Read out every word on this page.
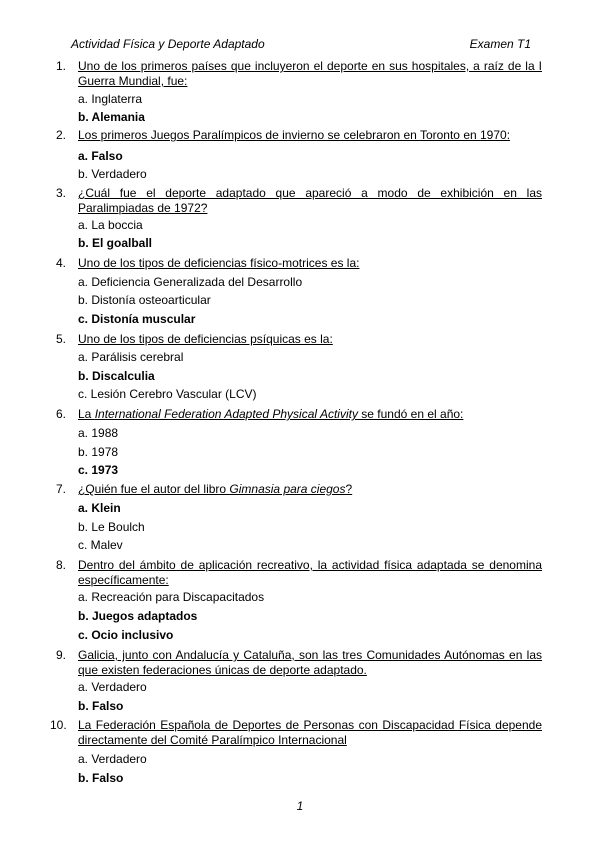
Actividad Física y Deporte Adaptado	Examen T1
1. Uno de los primeros países que incluyeron el deporte en sus hospitales, a raíz de la I Guerra Mundial, fue:
a. Inglaterra
b. Alemania
2. Los primeros Juegos Paralímpicos de invierno se celebraron en Toronto en 1970:
a. Falso
b. Verdadero
3. ¿Cuál fue el deporte adaptado que apareció a modo de exhibición en las Paralimpiadas de 1972?
a. La boccia
b. El goalball
4. Uno de los tipos de deficiencias físico-motrices es la:
a. Deficiencia Generalizada del Desarrollo
b. Distonía osteoarticular
c. Distonía muscular
5. Uno de los tipos de deficiencias psíquicas es la:
a. Parálisis cerebral
b. Discalculia
c. Lesión Cerebro Vascular (LCV)
6. La International Federation Adapted Physical Activity se fundó en el año:
a. 1988
b. 1978
c. 1973
7. ¿Quién fue el autor del libro Gimnasia para ciegos?
a. Klein
b. Le Boulch
c. Malev
8. Dentro del ámbito de aplicación recreativo, la actividad física adaptada se denomina específicamente:
a. Recreación para Discapacitados
b. Juegos adaptados
c. Ocio inclusivo
9. Galicia, junto con Andalucía y Cataluña, son las tres Comunidades Autónomas en las que existen federaciones únicas de deporte adaptado.
a. Verdadero
b. Falso
10. La Federación Española de Deportes de Personas con Discapacidad Física depende directamente del Comité Paralímpico Internacional
a. Verdadero
b. Falso
1
